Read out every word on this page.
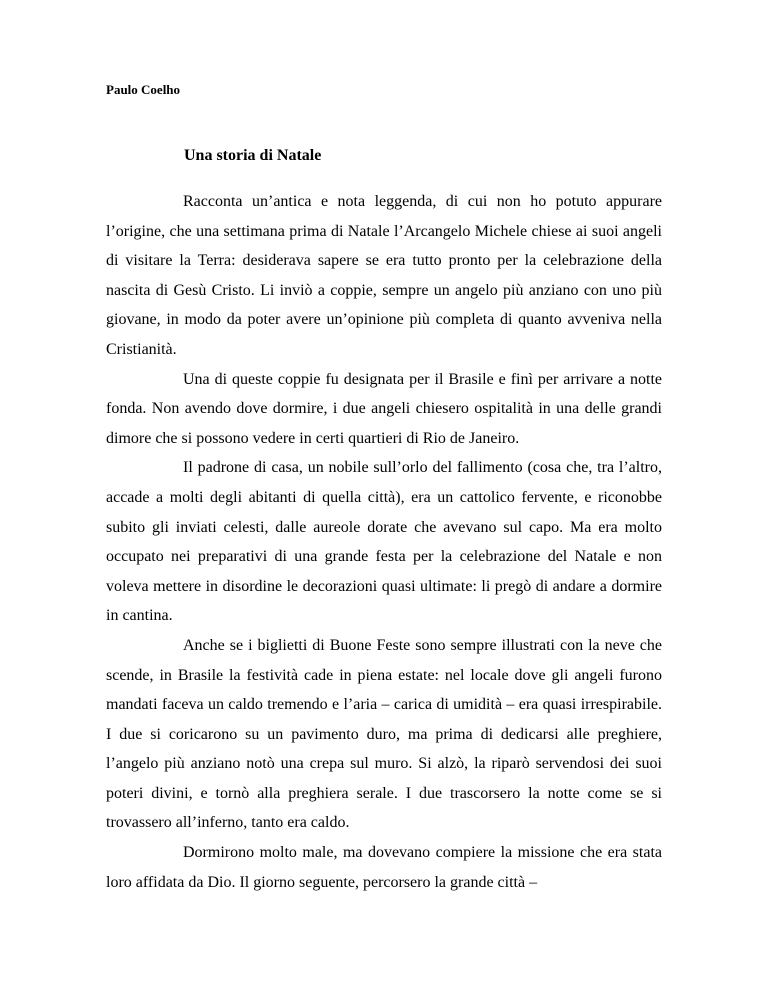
Paulo Coelho
Una storia di Natale

Racconta un’antica e nota leggenda, di cui non ho potuto appurare l’origine, che una settimana prima di Natale l’Arcangelo Michele chiese ai suoi angeli di visitare la Terra: desiderava sapere se era tutto pronto per la celebrazione della nascita di Gesù Cristo. Li inviò a coppie, sempre un angelo più anziano con uno più giovane, in modo da poter avere un’opinione più completa di quanto avveniva nella Cristianità.

Una di queste coppie fu designata per il Brasile e finì per arrivare a notte fonda. Non avendo dove dormire, i due angeli chiesero ospitalità in una delle grandi dimore che si possono vedere in certi quartieri di Rio de Janeiro.

Il padrone di casa, un nobile sull’orlo del fallimento (cosa che, tra l’altro, accade a molti degli abitanti di quella città), era un cattolico fervente, e riconobbe subito gli inviati celesti, dalle aureole dorate che avevano sul capo. Ma era molto occupato nei preparativi di una grande festa per la celebrazione del Natale e non voleva mettere in disordine le decorazioni quasi ultimate: li pregò di andare a dormire in cantina.

Anche se i biglietti di Buone Feste sono sempre illustrati con la neve che scende, in Brasile la festività cade in piena estate: nel locale dove gli angeli furono mandati faceva un caldo tremendo e l’aria – carica di umidità – era quasi irrespirabile. I due si coricarono su un pavimento duro, ma prima di dedicarsi alle preghiere, l’angelo più anziano notò una crepa sul muro. Si alzò, la riparò servendosi dei suoi poteri divini, e tornò alla preghiera serale. I due trascorsero la notte come se si trovassero all’inferno, tanto era caldo.

Dormirono molto male, ma dovevano compiere la missione che era stata loro affidata da Dio. Il giorno seguente, percorsero la grande città –
